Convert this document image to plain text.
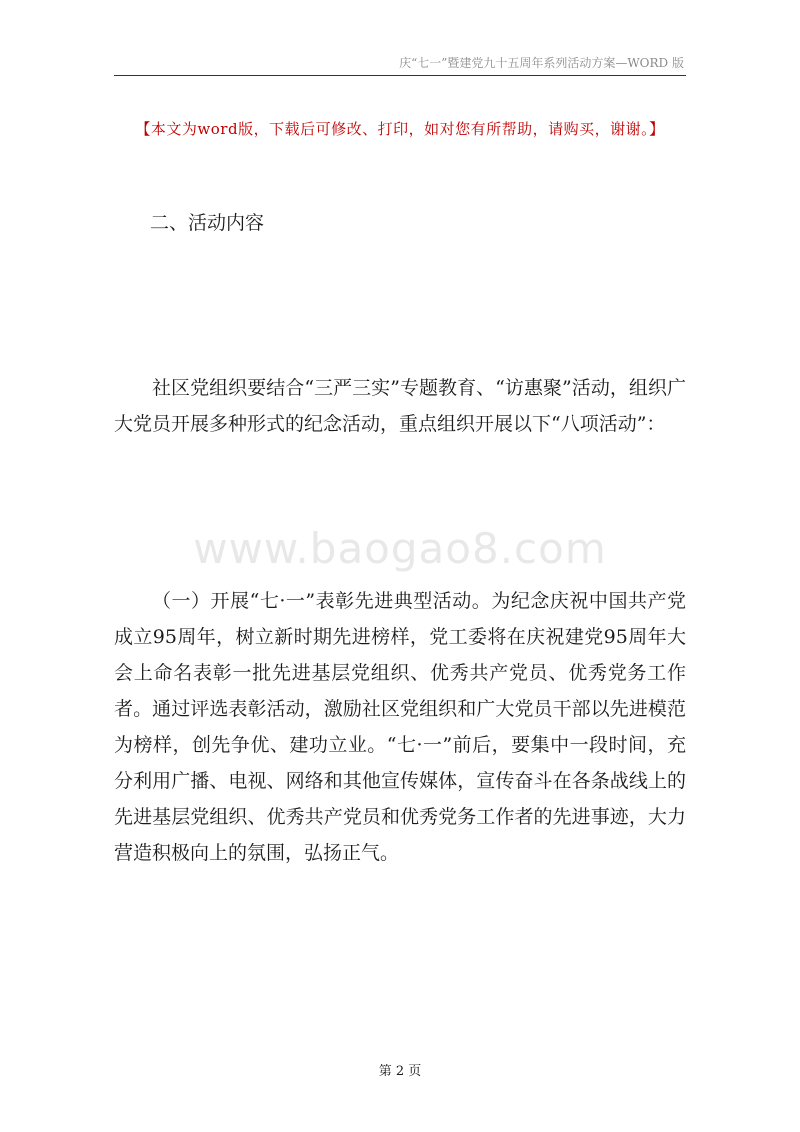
庆“七一”暨建党九十五周年系列活动方案—WORD 版
【本文为word版，下载后可修改、打印，如对您有所帮助，请购买，谢谢。】
二、活动内容

社区党组织要结合“三严三实”专题教育、“访惠聚”活动，组织广大党员开展多种形式的纪念活动，重点组织开展以下“八项活动”：

www.baogao8.com

（一）开展“七·一”表彰先进典型活动。为纪念庆祝中国共产党成立95周年，树立新时期先进榜样，党工委将在庆祝建党95周年大会上命名表彰一批先进基层党组织、优秀共产党员、优秀党务工作者。通过评选表彰活动，激励社区党组织和广大党员干部以先进模范为榜样，创先争优、建功立业。“七·一”前后，要集中一段时间，充分利用广播、电视、网络和其他宣传媒体，宣传奋斗在各条战线上的先进基层党组织、优秀共产党员和优秀党务工作者的先进事迹，大力营造积极向上的氛围，弘扬正气。

第 2 页
